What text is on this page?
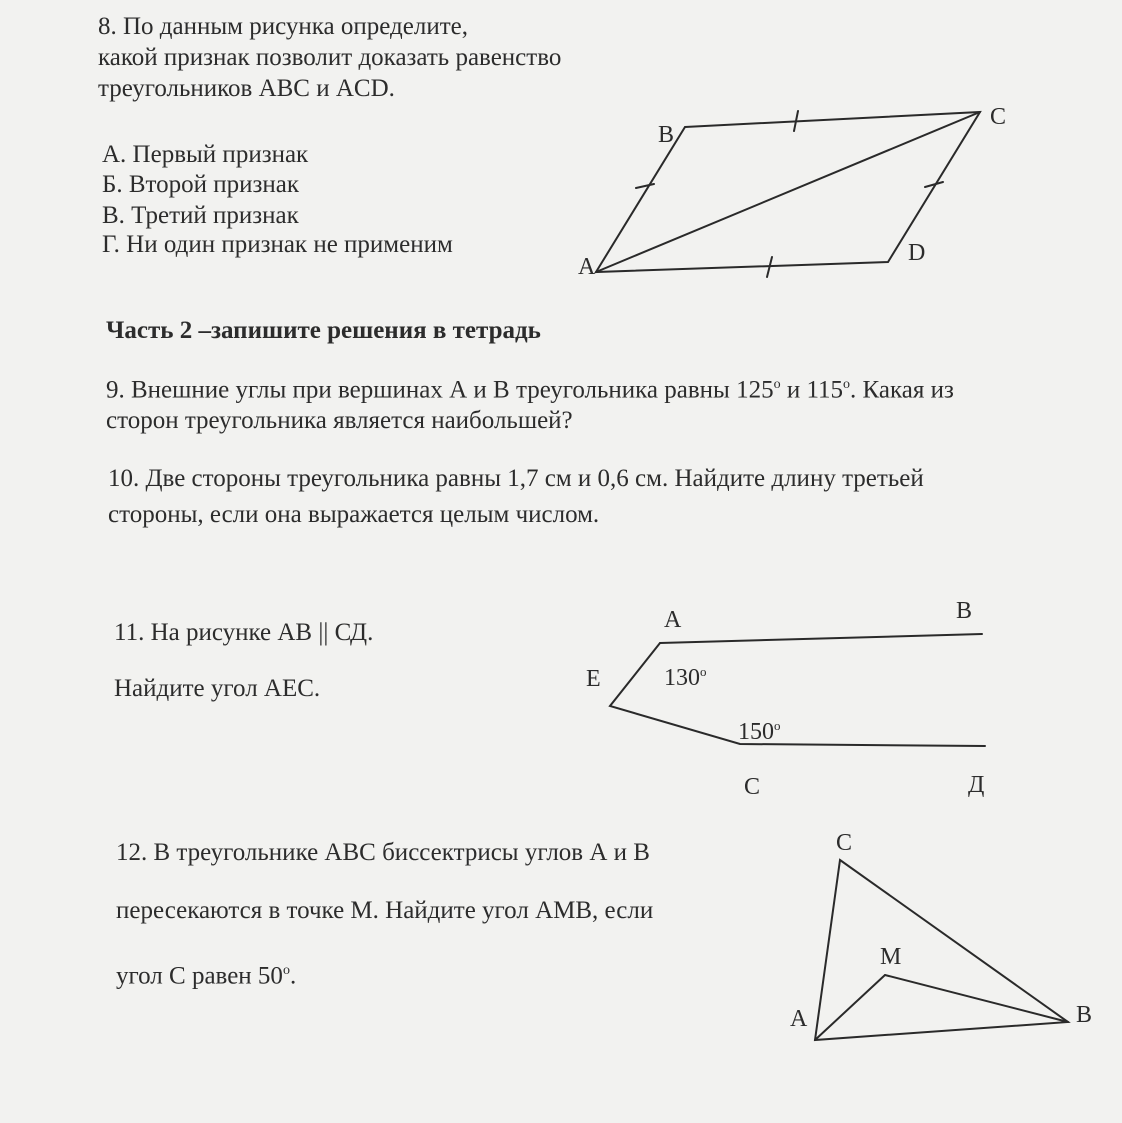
8. По данным рисунка определите,
какой признак позволит доказать равенство
треугольников ABC и ACD.
А. Первый признак
Б. Второй признак
В. Третий признак
Г. Ни один признак не применим
B
C
A
D
Часть 2 –запишите решения в тетрадь
9. Внешние углы при вершинах А и В треугольника равны 125$^o$ и 115$^o$. Какая из
сторон треугольника является наибольшей?
10. Две стороны треугольника равны 1,7 см и 0,6 см. Найдите длину третьей
стороны, если она выражается целым числом.
11. На рисунке АВ || СД.
Найдите угол АЕС.
A	B
E	130$^o$
150$^o$
C	Д
12. В треугольнике АВС биссектрисы углов А и В
пересекаются в точке М. Найдите угол АМВ, если
угол С равен 50$^o$.
C
M
A	B
